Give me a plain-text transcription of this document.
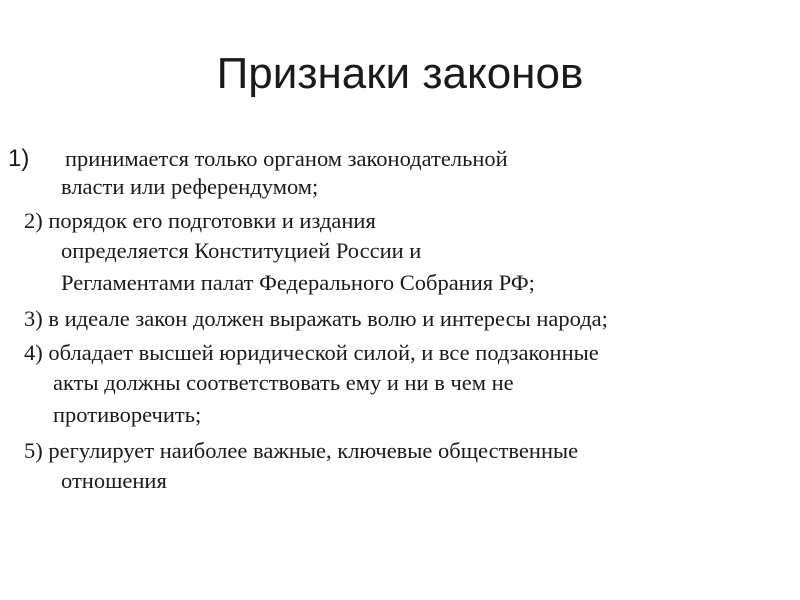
Признаки законов
1) принимается только органом законодательной
власти или референдумом;
2) порядок его подготовки и издания
определяется Конституцией России и
Регламентами палат Федерального Собрания РФ;
3) в идеале закон должен выражать волю и интересы народа;
4) обладает высшей юридической силой, и все подзаконные
акты должны соответствовать ему и ни в чем не
противоречить;
5) регулирует наиболее важные, ключевые общественные
отношения
